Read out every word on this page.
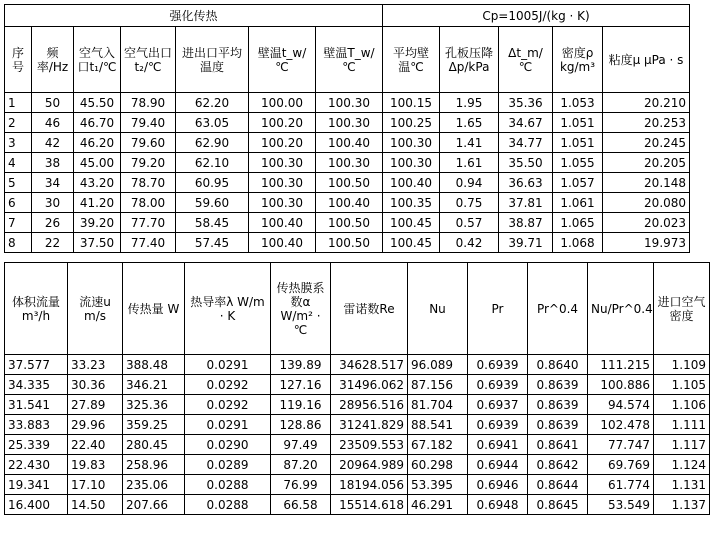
强化传热							Cp=1005J/(kg · K)				
序号	频率/Hz	空气入口t₁/℃	空气出口t₂/℃	进出口平均温度	壁温t_w/℃	壁温T_w/℃	平均壁温℃	孔板压降Δp/kPa	Δt_m/℃	密度ρ kg/m³	粘度μ μPa · s
1	50	45.50	78.90	62.20	100.00	100.30	100.15	1.95	35.36	1.053	20.210
2	46	46.70	79.40	63.05	100.20	100.30	100.25	1.65	34.67	1.051	20.253
3	42	46.20	79.60	62.90	100.20	100.40	100.30	1.41	34.77	1.051	20.245
4	38	45.00	79.20	62.10	100.30	100.30	100.30	1.61	35.50	1.055	20.205
5	34	43.20	78.70	60.95	100.30	100.50	100.40	0.94	36.63	1.057	20.148
6	30	41.20	78.00	59.60	100.30	100.40	100.35	0.75	37.81	1.061	20.080
7	26	39.20	77.70	58.45	100.40	100.50	100.45	0.57	38.87	1.065	20.023
8	22	37.50	77.40	57.45	100.40	100.50	100.45	0.42	39.71	1.068	19.973
体积流量 m³/h	流速u m/s	传热量 W	热导率λ W/m · K	传热膜系数α W/m² · ℃	雷诺数Re	Nu	Pr	Pr^0.4	Nu/Pr^0.4	进口空气密度
37.577	33.23	388.48	0.0291	139.89	34628.517	96.089	0.6939	0.8640	111.215	1.109
34.335	30.36	346.21	0.0292	127.16	31496.062	87.156	0.6939	0.8639	100.886	1.105
31.541	27.89	325.36	0.0292	119.16	28956.516	81.704	0.6937	0.8639	94.574	1.106
33.883	29.96	359.25	0.0291	128.86	31241.829	88.541	0.6939	0.8639	102.478	1.111
25.339	22.40	280.45	0.0290	97.49	23509.553	67.182	0.6941	0.8641	77.747	1.117
22.430	19.83	258.96	0.0289	87.20	20964.989	60.298	0.6944	0.8642	69.769	1.124
19.341	17.10	235.06	0.0288	76.99	18194.056	53.395	0.6946	0.8644	61.774	1.131
16.400	14.50	207.66	0.0288	66.58	15514.618	46.291	0.6948	0.8645	53.549	1.137
